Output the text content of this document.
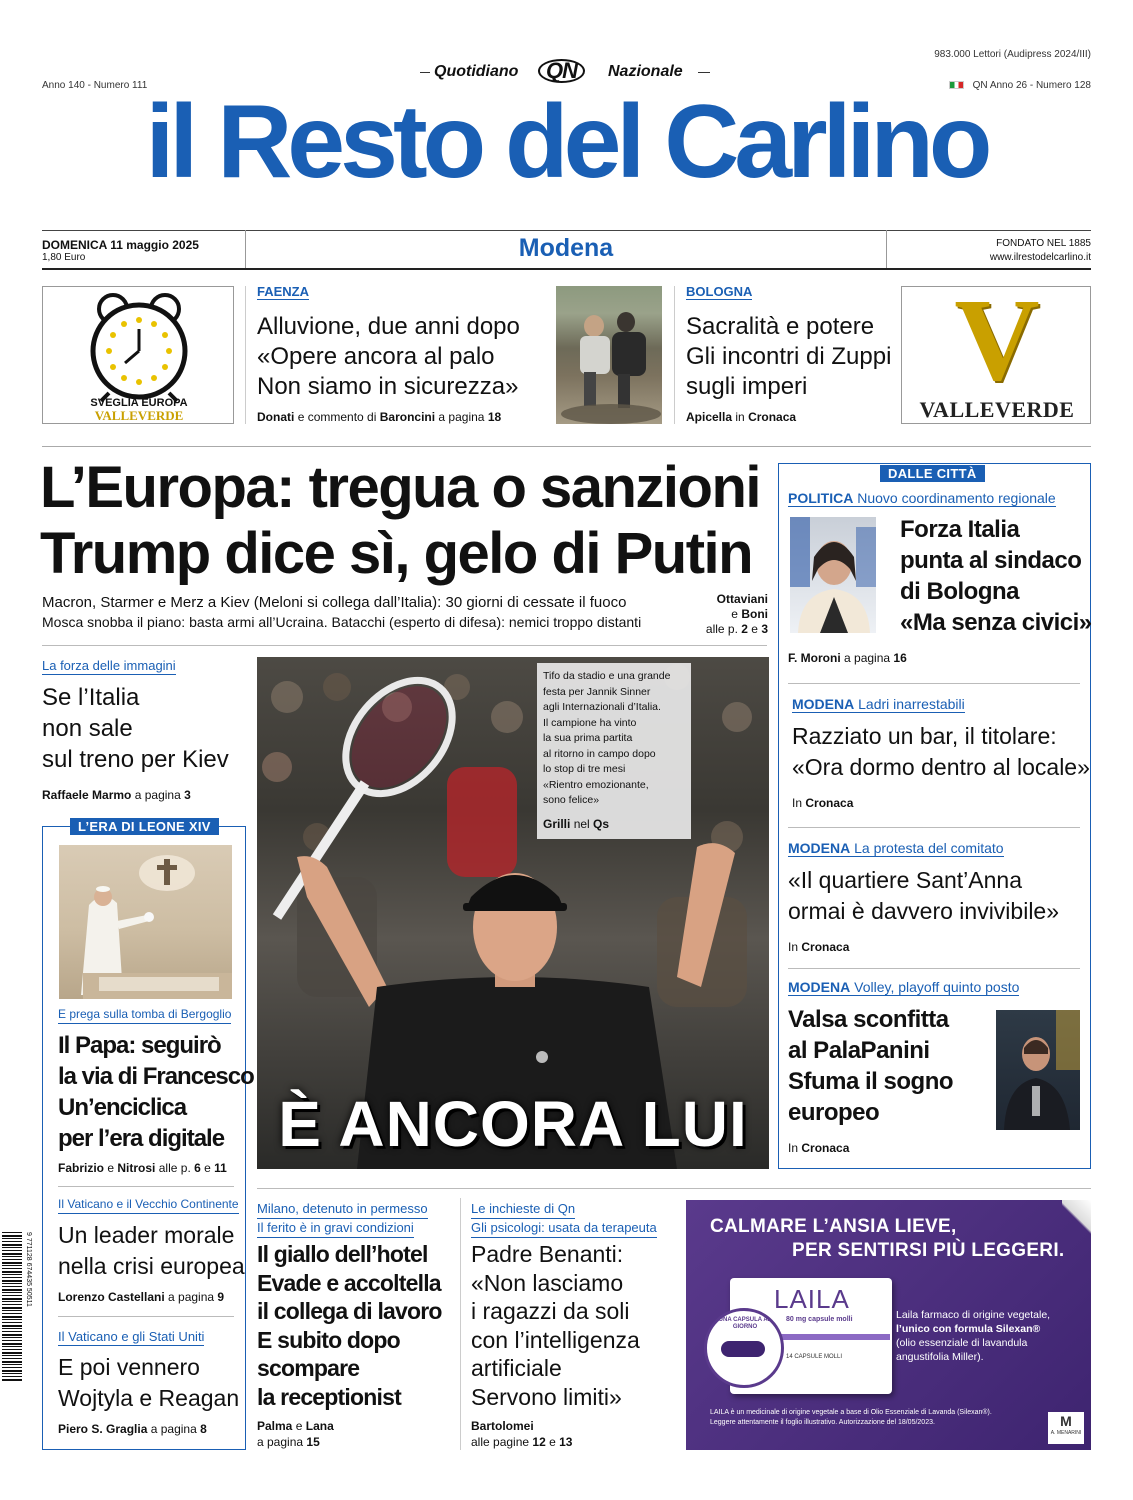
Anno 140 - Numero 111
Quotidiano	QN	Nazionale
983.000 Lettori (Audipress 2024/III)
QN Anno 26 - Numero 128
il Resto del Carlino
DOMENICA 11 maggio 2025
1,80 Euro	Modena	FONDATO NEL 1885
www.ilrestodelcarlino.it
SVEGLIA EUROPA
VALLEVERDE
FAENZA
Alluvione, due anni dopo
«Opere ancora al palo
Non siamo in sicurezza»
Donati e commento di Baroncini a pagina 18
BOLOGNA
Sacralità e potere
Gli incontri di Zuppi
sugli imperi
Apicella in Cronaca
V
VALLEVERDE
L’Europa: tregua o sanzioni
Trump dice sì, gelo di Putin
Macron, Starmer e Merz a Kiev (Meloni si collega dall’Italia): 30 giorni di cessate il fuoco
Mosca snobba il piano: basta armi all’Ucraina. Batacchi (esperto di difesa): nemici troppo distanti
Ottaviani
e Boni
alle p. 2 e 3
La forza delle immagini
Se l’Italia
non sale
sul treno per Kiev
Raffaele Marmo a pagina 3
L’ERA DI LEONE XIV
E prega sulla tomba di Bergoglio
Il Papa: seguirò
la via di Francesco
Un’enciclica
per l’era digitale
Fabrizio e Nitrosi alle p. 6 e 11
Il Vaticano e il Vecchio Continente
Un leader morale
nella crisi europea
Lorenzo Castellani a pagina 9
Il Vaticano e gli Stati Uniti
E poi vennero
Wojtyla e Reagan
Piero S. Graglia a pagina 8
9 771128 674435 50511
Tifo da stadio e una grande
festa per Jannik Sinner
agli Internazionali d’Italia.
Il campione ha vinto
la sua prima partita
al ritorno in campo dopo
lo stop di tre mesi
«Rientro emozionante,
sono felice»
Grilli nel Qs
È ANCORA LUI
DALLE CITTÀ
POLITICA Nuovo coordinamento regionale
Forza Italia
punta al sindaco
di Bologna
«Ma senza civici»
F. Moroni a pagina 16
MODENA Ladri inarrestabili
Razziato un bar, il titolare:
«Ora dormo dentro al locale»
In Cronaca
MODENA La protesta del comitato
«Il quartiere Sant’Anna
ormai è davvero invivibile»
In Cronaca
MODENA Volley, playoff quinto posto
Valsa sconfitta
al PalaPanini
Sfuma il sogno
europeo
In Cronaca
Milano, detenuto in permesso
Il ferito è in gravi condizioni
Il giallo dell’hotel
Evade e accoltella
il collega di lavoro
E subito dopo
scompare
la receptionist
Palma e Lana
a pagina 15
Le inchieste di Qn
Gli psicologi: usata da terapeuta
Padre Benanti:
«Non lasciamo
i ragazzi da soli
con l’intelligenza
artificiale
Servono limiti»
Bartolomei
alle pagine 12 e 13
CALMARE L’ANSIA LIEVE,
PER SENTIRSI PIÙ LEGGERI.
LAILA
80 mg capsule molli
14 CAPSULE MOLLI
UNA CAPSULA AL GIORNO
Laila farmaco di origine vegetale,
l’unico con formula Silexan®
(olio essenziale di lavandula
angustifolia Miller).
LAILA è un medicinale di origine vegetale a base di Olio Essenziale di Lavanda (Silexan®).
Leggere attentamente il foglio illustrativo. Autorizzazione del 18/05/2023.	M
A. MENARINI
